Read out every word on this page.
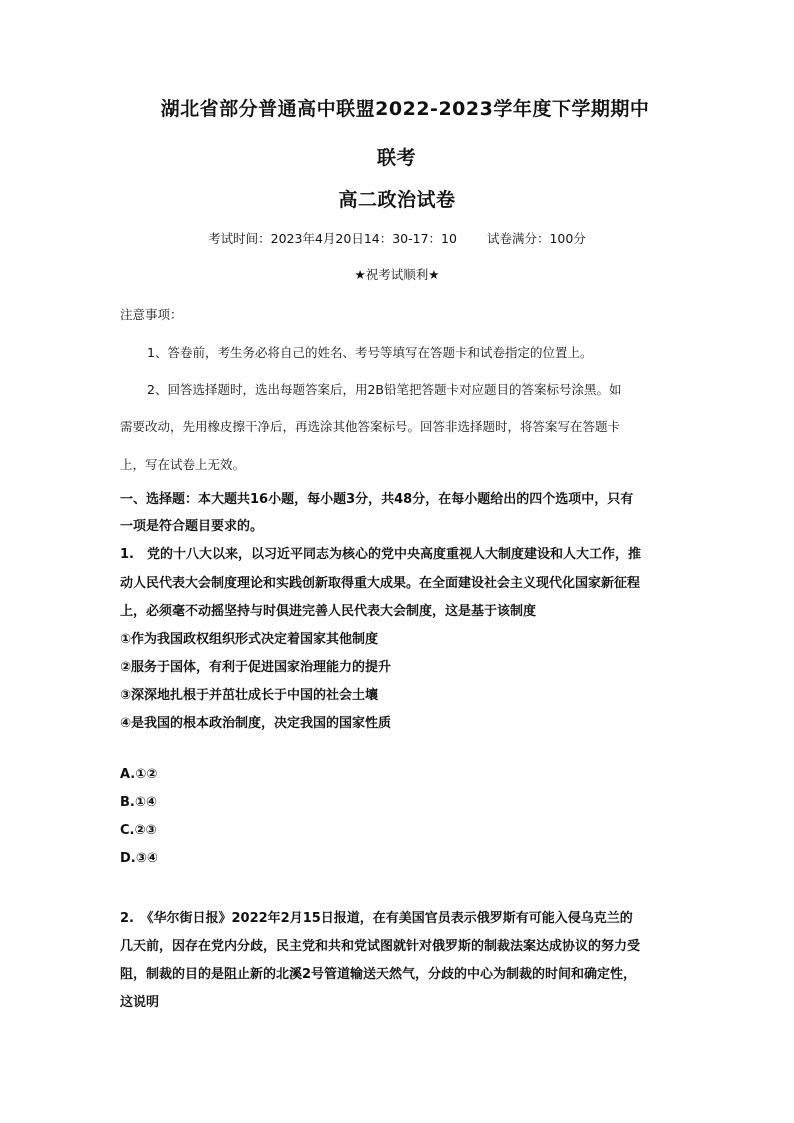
湖北省部分普通高中联盟2022-2023学年度下学期期中
联考
高二政治试卷
考试时间：2023年4月20日14：30-17：10 试卷满分：100分
★祝考试顺利★
注意事项：
1、答卷前，考生务必将自己的姓名、考号等填写在答题卡和试卷指定的位置上。
2、回答选择题时，选出每题答案后，用2B铅笔把答题卡对应题目的答案标号涂黑。如
需要改动，先用橡皮擦干净后，再选涂其他答案标号。回答非选择题时，将答案写在答题卡
上，写在试卷上无效。
一、选择题：本大题共16小题，每小题3分，共48分，在每小题给出的四个选项中，只有
一项是符合题目要求的。
1.　党的十八大以来，以习近平同志为核心的党中央高度重视人大制度建设和人大工作，推
动人民代表大会制度理论和实践创新取得重大成果。在全面建设社会主义现代化国家新征程
上，必须毫不动摇坚持与时俱进完善人民代表大会制度，这是基于该制度
①作为我国政权组织形式决定着国家其他制度
②服务于国体，有利于促进国家治理能力的提升
③深深地扎根于并茁壮成长于中国的社会土壤
④是我国的根本政治制度，决定我国的国家性质
A.①②
B.①④
C.②③
D.③④
2.　《华尔街日报》2022年2月15日报道，在有美国官员表示俄罗斯有可能入侵乌克兰的
几天前，因存在党内分歧，民主党和共和党试图就针对俄罗斯的制裁法案达成协议的努力受
阻，制裁的目的是阻止新的北溪2号管道输送天然气，分歧的中心为制裁的时间和确定性，
这说明
